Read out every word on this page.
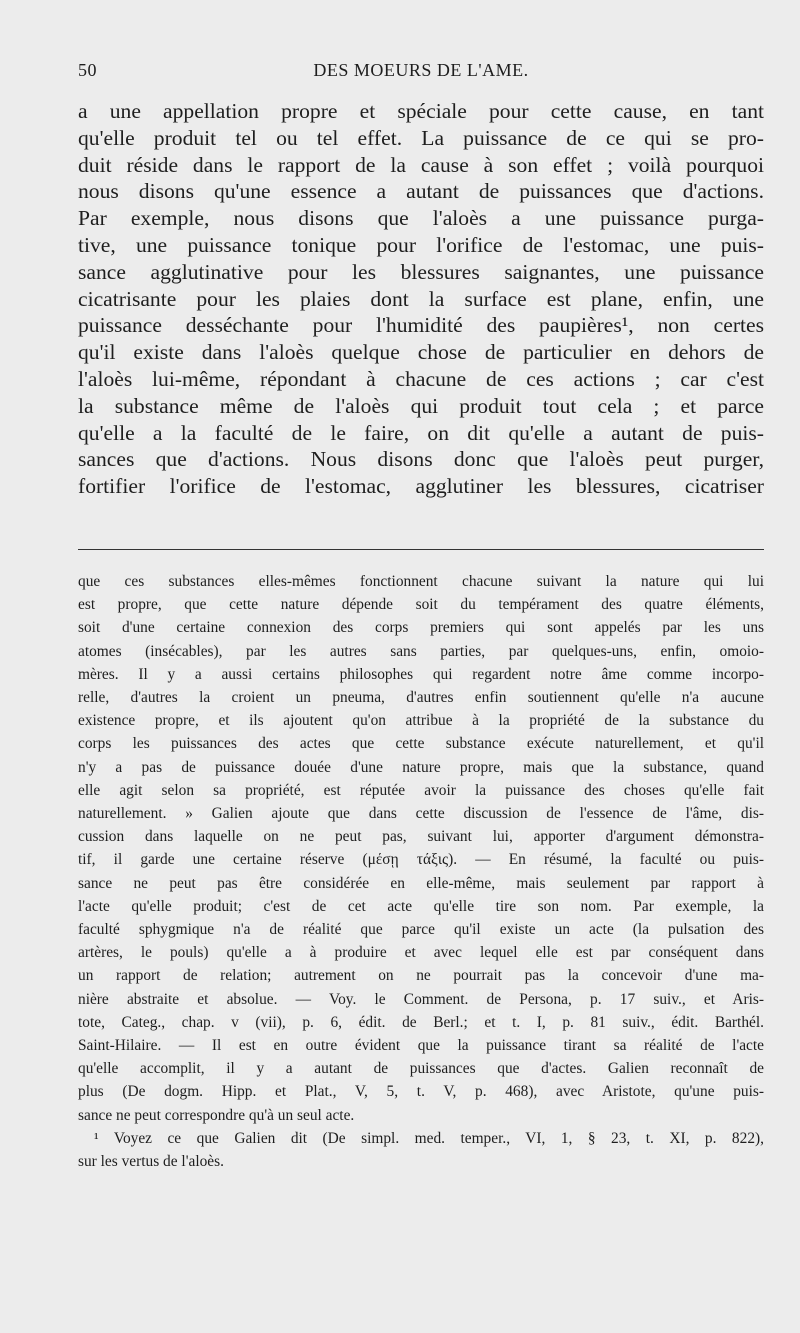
50	DES MOEURS DE L'AME.
a une appellation propre et spéciale pour cette cause, en tant
qu'elle produit tel ou tel effet. La puissance de ce qui se pro-
duit réside dans le rapport de la cause à son effet ; voilà pourquoi
nous disons qu'une essence a autant de puissances que d'actions.
Par exemple, nous disons que l'aloès a une puissance purga-
tive, une puissance tonique pour l'orifice de l'estomac, une puis-
sance agglutinative pour les blessures saignantes, une puissance
cicatrisante pour les plaies dont la surface est plane, enfin, une
puissance desséchante pour l'humidité des paupières¹, non certes
qu'il existe dans l'aloès quelque chose de particulier en dehors de
l'aloès lui-même, répondant à chacune de ces actions ; car c'est
la substance même de l'aloès qui produit tout cela ; et parce
qu'elle a la faculté de le faire, on dit qu'elle a autant de puis-
sances que d'actions. Nous disons donc que l'aloès peut purger,
fortifier l'orifice de l'estomac, agglutiner les blessures, cicatriser
que ces substances elles-mêmes fonctionnent chacune suivant la nature qui lui
est propre, que cette nature dépende soit du tempérament des quatre éléments,
soit d'une certaine connexion des corps premiers qui sont appelés par les uns
atomes (insécables), par les autres sans parties, par quelques-uns, enfin, omoio-
mères. Il y a aussi certains philosophes qui regardent notre âme comme incorpo-
relle, d'autres la croient un pneuma, d'autres enfin soutiennent qu'elle n'a aucune
existence propre, et ils ajoutent qu'on attribue à la propriété de la substance du
corps les puissances des actes que cette substance exécute naturellement, et qu'il
n'y a pas de puissance douée d'une nature propre, mais que la substance, quand
elle agit selon sa propriété, est réputée avoir la puissance des choses qu'elle fait
naturellement. » Galien ajoute que dans cette discussion de l'essence de l'âme, dis-
cussion dans laquelle on ne peut pas, suivant lui, apporter d'argument démonstra-
tif, il garde une certaine réserve (μέσῃ τάξις). — En résumé, la faculté ou puis-
sance ne peut pas être considérée en elle-même, mais seulement par rapport à
l'acte qu'elle produit; c'est de cet acte qu'elle tire son nom. Par exemple, la
faculté sphygmique n'a de réalité que parce qu'il existe un acte (la pulsation des
artères, le pouls) qu'elle a à produire et avec lequel elle est par conséquent dans
un rapport de relation; autrement on ne pourrait pas la concevoir d'une ma-
nière abstraite et absolue. — Voy. le Comment. de Persona, p. 17 suiv., et Aris-
tote, Categ., chap. v (vii), p. 6, édit. de Berl.; et t. I, p. 81 suiv., édit. Barthél.
Saint-Hilaire. — Il est en outre évident que la puissance tirant sa réalité de l'acte
qu'elle accomplit, il y a autant de puissances que d'actes. Galien reconnaît de
plus (De dogm. Hipp. et Plat., V, 5, t. V, p. 468), avec Aristote, qu'une puis-
sance ne peut correspondre qu'à un seul acte.
¹ Voyez ce que Galien dit (De simpl. med. temper., VI, 1, § 23, t. XI, p. 822),
sur les vertus de l'aloès.
